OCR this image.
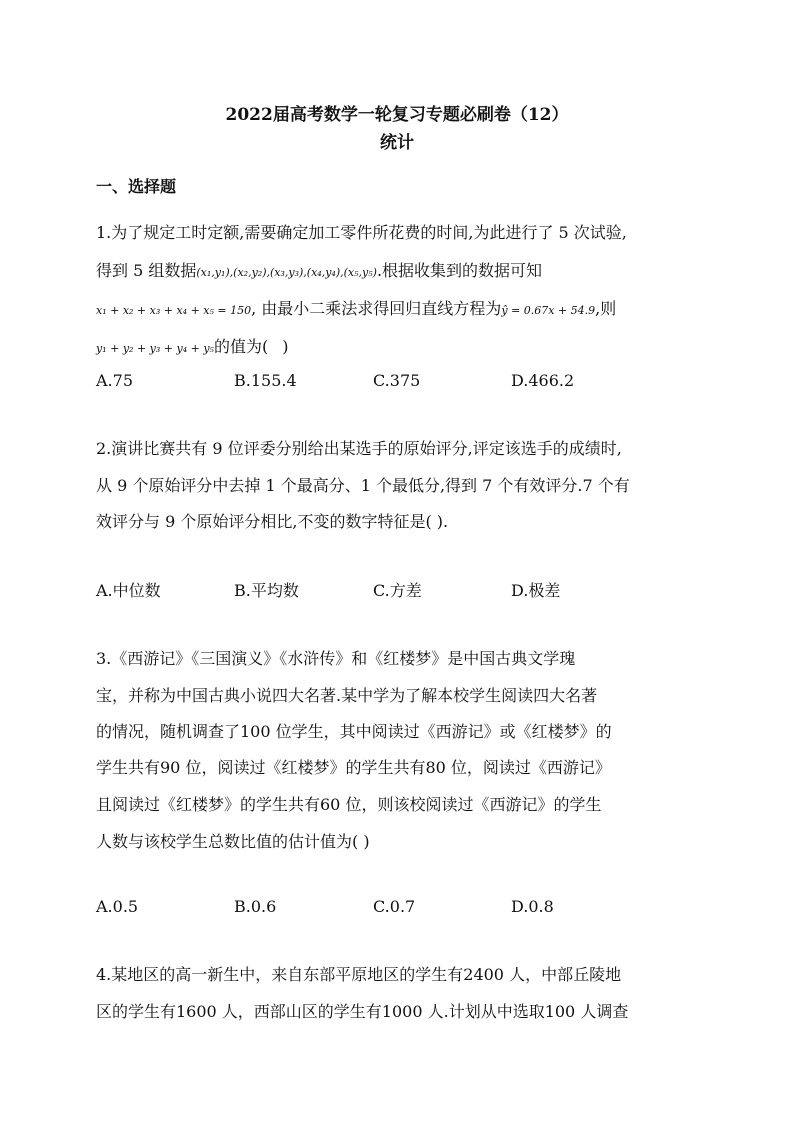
2022届高考数学一轮复习专题必刷卷（12）
统计
一、选择题
1.为了规定工时定额,需要确定加工零件所花费的时间,为此进行了 5 次试验,
得到 5 组数据(x₁,y₁),(x₂,y₂),(x₃,y₃),(x₄,y₄),(x₅,y₅).根据收集到的数据可知
x₁ + x₂ + x₃ + x₄ + x₅ = 150, 由最小二乘法求得回归直线方程为ŷ = 0.67x + 54.9,则
y₁ + y₂ + y₃ + y₄ + y₅的值为( )
A.75	B.155.4	C.375	D.466.2
2.演讲比赛共有 9 位评委分别给出某选手的原始评分,评定该选手的成绩时,
从 9 个原始评分中去掉 1 个最高分、1 个最低分,得到 7 个有效评分.7 个有
效评分与 9 个原始评分相比,不变的数字特征是( ).
A.中位数	B.平均数	C.方差	D.极差
3.《西游记》《三国演义》《水浒传》和《红楼梦》是中国古典文学瑰
宝，并称为中国古典小说四大名著.某中学为了解本校学生阅读四大名著
的情况，随机调查了100 位学生，其中阅读过《西游记》或《红楼梦》的
学生共有90 位，阅读过《红楼梦》的学生共有80 位，阅读过《西游记》
且阅读过《红楼梦》的学生共有60 位，则该校阅读过《西游记》的学生
人数与该校学生总数比值的估计值为( )
A.0.5	B.0.6	C.0.7	D.0.8
4.某地区的高一新生中，来自东部平原地区的学生有2400 人，中部丘陵地
区的学生有1600 人，西部山区的学生有1000 人.计划从中选取100 人调查
